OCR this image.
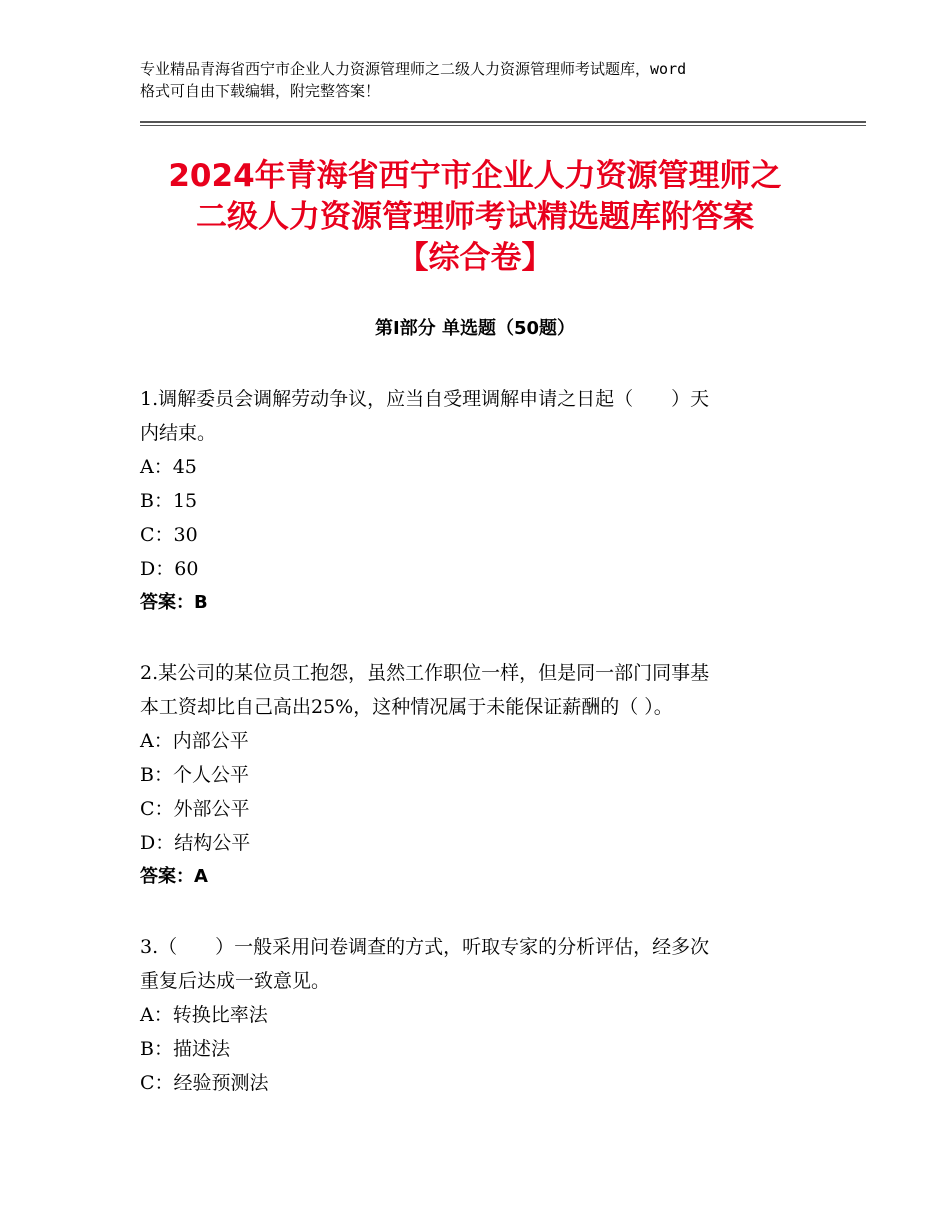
专业精品青海省西宁市企业人力资源管理师之二级人力资源管理师考试题库，word
格式可自由下载编辑，附完整答案！
2024年青海省西宁市企业人力资源管理师之
二级人力资源管理师考试精选题库附答案
【综合卷】
第Ⅰ部分 单选题（50题）
1.调解委员会调解劳动争议，应当自受理调解申请之日起（　　）天
内结束。
A：45
B：15
C：30
D：60
答案：B
2.某公司的某位员工抱怨，虽然工作职位一样，但是同一部门同事基
本工资却比自己高出25%，这种情况属于未能保证薪酬的（ ）。
A：内部公平
B：个人公平
C：外部公平
D：结构公平
答案：A
3.（　　）一般采用问卷调查的方式，听取专家的分析评估，经多次
重复后达成一致意见。
A：转换比率法
B：描述法
C：经验预测法
